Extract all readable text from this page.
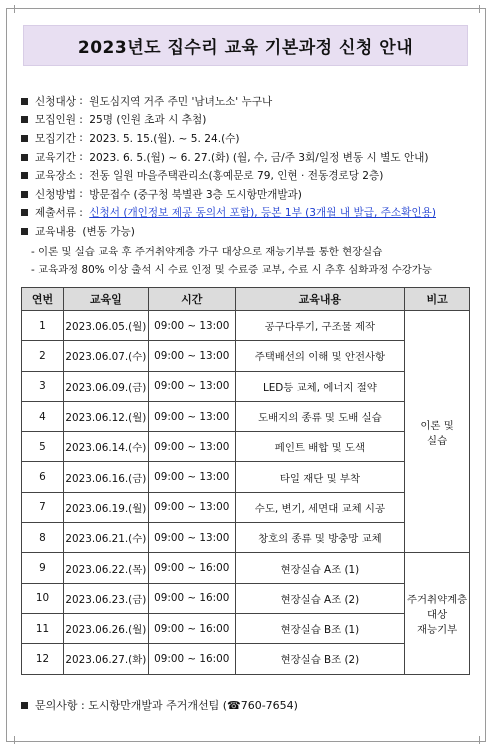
2023년도 집수리 교육 기본과정 신청 안내
신청대상 : 원도심지역 거주 주민 '남녀노소' 누구나
모집인원 : 25명 (인원 초과 시 추첨)
모집기간 : 2023. 5. 15.(월). ~ 5. 24.(수)
교육기간 : 2023. 6. 5.(월) ~ 6. 27.(화) (월, 수, 금/주 3회/일정 변동 시 별도 안내)
교육장소 : 전동 일원 마을주택관리소(홍예문로 79, 인현 · 전동경로당 2층)
신청방법 : 방문접수 (중구청 북별관 3층 도시항만개발과)
제출서류 : 신청서 (개인정보 제공 동의서 포함), 등본 1부 (3개월 내 발급, 주소확인용)
교육내용
(변동 가능)
- 이론 및 실습 교육 후 주거취약계층 가구 대상으로 재능기부를 통한 현장실습
- 교육과정 80% 이상 출석 시 수료 인정 및 수료증 교부, 수료 시 추후 심화과정 수강가능
연번	교육일	시간	교육내용	비고
1	2023.06.05.(월)	09:00 ~ 13:00	공구다루기, 구조물 제작	이론 및
실습
2	2023.06.07.(수)	09:00 ~ 13:00	주택배선의 이해 및 안전사항	
3	2023.06.09.(금)	09:00 ~ 13:00	LED등 교체, 에너지 절약	
4	2023.06.12.(월)	09:00 ~ 13:00	도배지의 종류 및 도배 실습	
5	2023.06.14.(수)	09:00 ~ 13:00	페인트 배합 및 도색	
6	2023.06.16.(금)	09:00 ~ 13:00	타일 재단 및 부착	
7	2023.06.19.(월)	09:00 ~ 13:00	수도, 변기, 세면대 교체 시공	
8	2023.06.21.(수)	09:00 ~ 13:00	창호의 종류 및 방충망 교체	
9	2023.06.22.(목)	09:00 ~ 16:00	현장실습 A조 (1)	주거취약계층
대상
재능기부
10	2023.06.23.(금)	09:00 ~ 16:00	현장실습 A조 (2)	
11	2023.06.26.(월)	09:00 ~ 16:00	현장실습 B조 (1)	
12	2023.06.27.(화)	09:00 ~ 16:00	현장실습 B조 (2)	
문의사항 : 도시항만개발과 주거개선팀 (☎760-7654)
